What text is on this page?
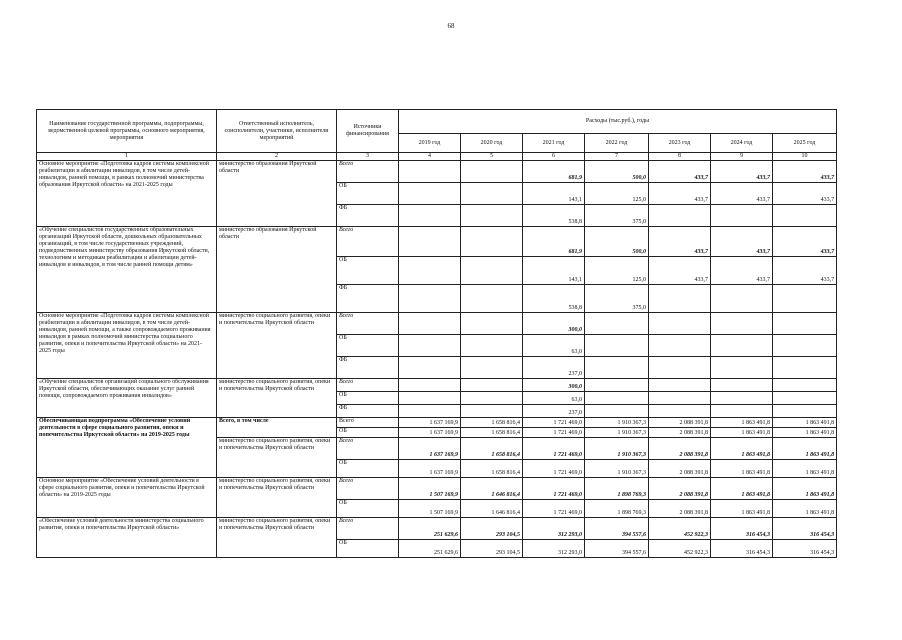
68
Наименование государственной программы, подпрограммы, ведомственной целевой программы, основного мероприятия, мероприятия	Ответственный исполнитель, соисполнители, участники, исполнители мероприятий	Источники финансирования	Расходы (тыс.руб.), годы						
			2019 год	2020 год	2021 год	2022 год	2023 год	2024 год	2025 год
1	2	3	4	5	6	7	8	9	10
Основное мероприятие «Подготовка кадров системы комплексной реабилитации и абилитации инвалидов, в том числе детей-инвалидов, ранней помощи, в рамках полномочий министерства образования Иркутской области» на 2021-2025 годы	министерство образования Иркутской области	Всего			681,9	500,0	433,7	433,7	433,7
		ОБ			143,1	125,0	433,7	433,7	433,7
		ФБ			538,8	375,0			
«Обучение специалистов государственных образовательных организаций Иркутской области, дошкольных образовательных организаций, в том числе государственных учреждений, подведомственных министерству образования Иркутской области, технологиям и методикам реабилитации и абилитации детей-инвалидов и инвалидов, в том числе ранней помощи детям»	министерство образования Иркутской области	Всего			681,9	500,0	433,7	433,7	433,7
		ОБ			143,1	125,0	433,7	433,7	433,7
		ФБ			538,8	375,0			
Основное мероприятие «Подготовка кадров системы комплексной реабилитации и абилитации инвалидов, в том числе детей-инвалидов, ранней помощи, а также сопровождаемого проживания инвалидов в рамках полномочий министерства социального развития, опеки и попечительства Иркутской области» на 2021-2025 годы	министерство социального развития, опеки и попечительства Иркутской области	Всего			300,0				
		ОБ			63,0				
		ФБ			237,0				
«Обучение специалистов организаций социального обслуживания Иркутской области, обеспечивающих оказание услуг ранней помощи, сопровождаемого проживания инвалидов»	министерство социального развития, опеки и попечительства Иркутской области	Всего			300,0				
		ОБ			63,0				
		ФБ			237,0				
Обеспечивающая подпрограмма «Обеспечение условий деятельности в сфере социального развития, опеки и попечительства Иркутской области» на 2019-2025 годы	Всего, в том числе	Всего	1 637 169,9	1 658 816,4	1 721 469,0	1 910 367,3	2 088 391,8	1 863 491,8	1 863 491,8
		ОБ	1 637 169,9	1 658 816,4	1 721 469,0	1 910 367,3	2 088 391,8	1 863 491,8	1 863 491,8
	министерство социального развития, опеки и попечительства Иркутской области	Всего	1 637 169,9	1 658 816,4	1 721 469,0	1 910 367,3	2 088 391,8	1 863 491,8	1 863 491,8
		ОБ	1 637 169,9	1 658 816,4	1 721 469,0	1 910 367,3	2 088 391,8	1 863 491,8	1 863 491,8
Основное мероприятие «Обеспечение условий деятельности в сфере социального развития, опеки и попечительства Иркутской области» на 2019-2025 годы	министерство социального развития, опеки и попечительства Иркутской области	Всего	1 507 169,9	1 646 816,4	1 721 469,0	1 898 769,3	2 088 391,8	1 863 491,8	1 863 491,8
		ОБ	1 507 169,9	1 646 816,4	1 721 469,0	1 898 769,3	2 088 391,8	1 863 491,8	1 863 491,8
«Обеспечение условий деятельности министерства социального развития, опеки и попечительства Иркутской области»	министерство социального развития, опеки и попечительства Иркутской области	Всего	251 629,6	293 104,5	312 293,0	394 557,6	452 922,3	316 454,3	316 454,3
		ОБ	251 629,6	293 104,5	312 293,0	394 557,6	452 922,3	316 454,3	316 454,3
